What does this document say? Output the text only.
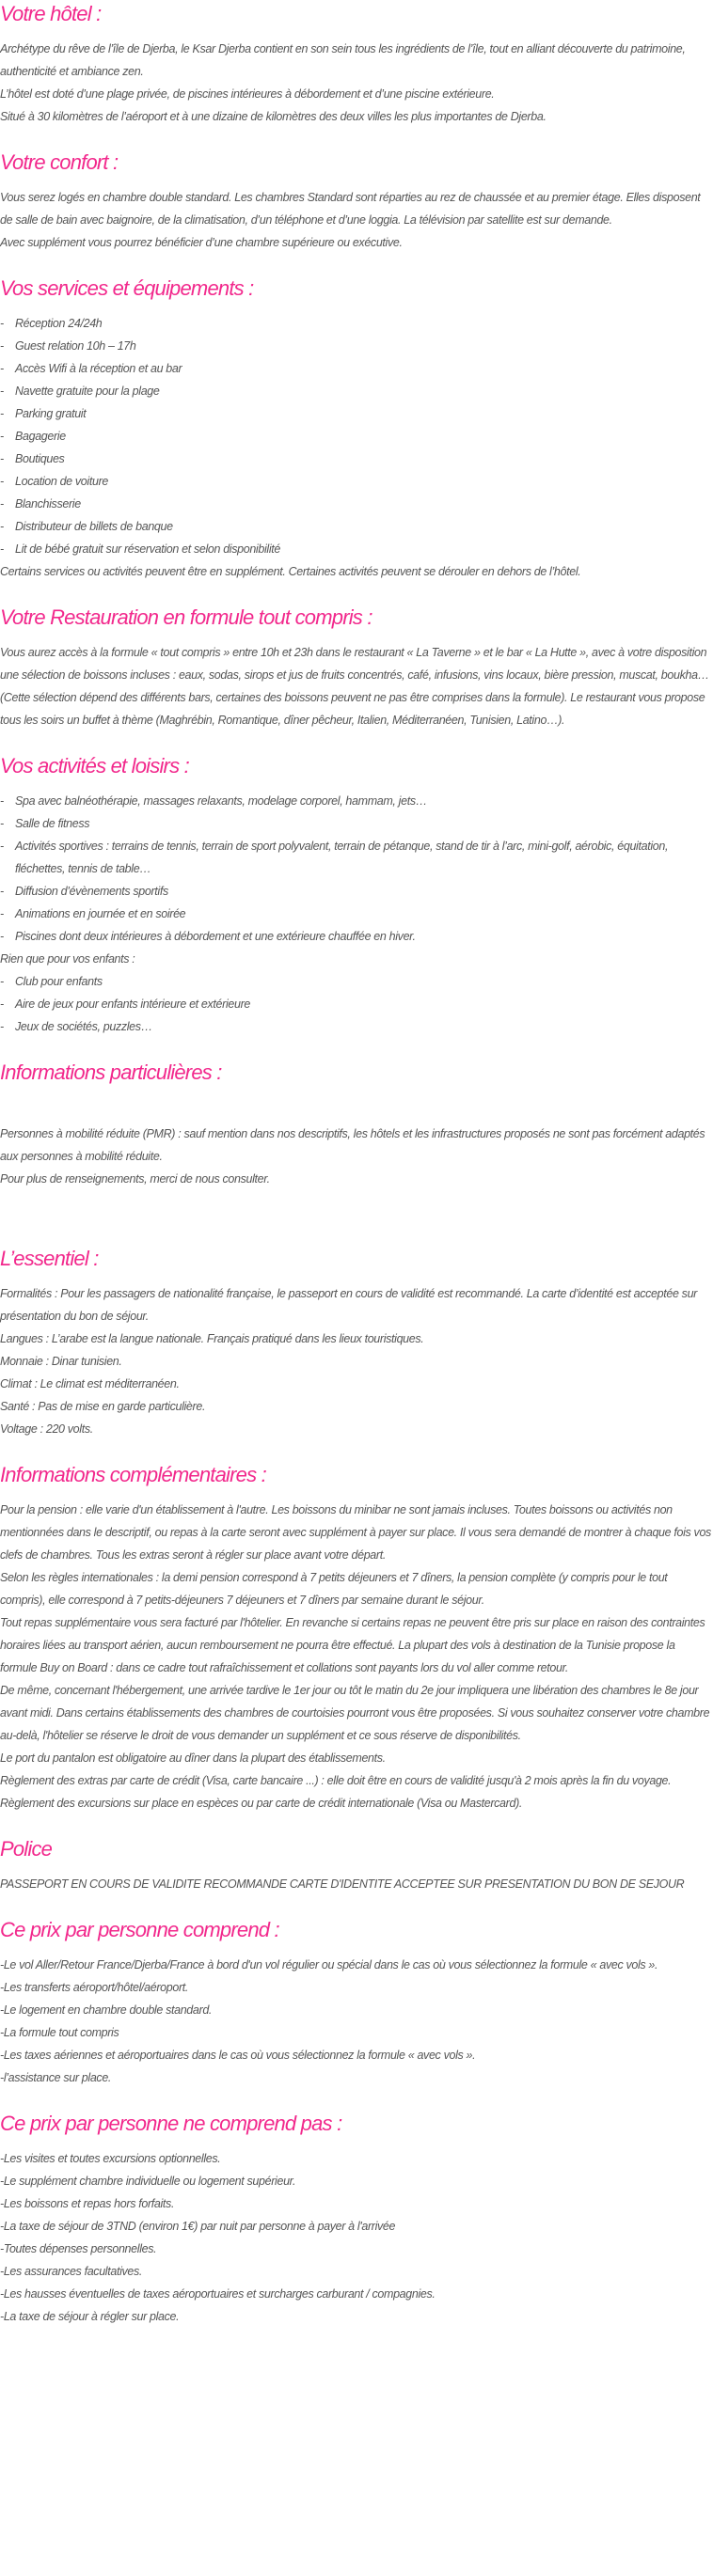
Votre hôtel :

Archétype du rêve de l’île de Djerba, le Ksar Djerba contient en son sein tous les ingrédients de l’île, tout en alliant découverte du patrimoine, authenticité et ambiance zen.

L’hôtel est doté d’une plage privée, de piscines intérieures à débordement et d’une piscine extérieure.

Situé à 30 kilomètres de l’aéroport et à une dizaine de kilomètres des deux villes les plus importantes de Djerba.

Votre confort :

Vous serez logés en chambre double standard. Les chambres Standard sont réparties au rez de chaussée et au premier étage. Elles disposent de salle de bain avec baignoire, de la climatisation, d’un téléphone et d’une loggia. La télévision par satellite est sur demande.

Avec supplément vous pourrez bénéficier d’une chambre supérieure ou exécutive.

Vos services et équipements :
- Réception 24/24h
- Guest relation 10h – 17h
- Accès Wifi à la réception et au bar
- Navette gratuite pour la plage
- Parking gratuit
- Bagagerie
- Boutiques
- Location de voiture
- Blanchisserie
- Distributeur de billets de banque
- Lit de bébé gratuit sur réservation et selon disponibilité

Certains services ou activités peuvent être en supplément. Certaines activités peuvent se dérouler en dehors de l’hôtel.

Votre Restauration en formule tout compris :

Vous aurez accès à la formule « tout compris » entre 10h et 23h dans le restaurant « La Taverne » et le bar « La Hutte », avec à votre disposition une sélection de boissons incluses : eaux, sodas, sirops et jus de fruits concentrés, café, infusions, vins locaux, bière pression, muscat, boukha…

(Cette sélection dépend des différents bars, certaines des boissons peuvent ne pas être comprises dans la formule). Le restaurant vous propose tous les soirs un buffet à thème (Maghrébin, Romantique, dîner pêcheur, Italien, Méditerranéen, Tunisien, Latino…).

Vos activités et loisirs :
- Spa avec balnéothérapie, massages relaxants, modelage corporel, hammam, jets…
- Salle de fitness
- Activités sportives : terrains de tennis, terrain de sport polyvalent, terrain de pétanque, stand de tir à l’arc, mini-golf, aérobic, équitation, fléchettes, tennis de table…
- Diffusion d’évènements sportifs
- Animations en journée et en soirée
- Piscines dont deux intérieures à débordement et une extérieure chauffée en hiver.

Rien que pour vos enfants :

- Club pour enfants
- Aire de jeux pour enfants intérieure et extérieure
- Jeux de sociétés, puzzles…
Informations particulières :

Personnes à mobilité réduite (PMR) : sauf mention dans nos descriptifs, les hôtels et les infrastructures proposés ne sont pas forcément adaptés aux personnes à mobilité réduite.

Pour plus de renseignements, merci de nous consulter.

L’essentiel :

Formalités : Pour les passagers de nationalité française, le passeport en cours de validité est recommandé. La carte d’identité est acceptée sur présentation du bon de séjour.

Langues : L’arabe est la langue nationale. Français pratiqué dans les lieux touristiques.

Monnaie : Dinar tunisien.

Climat : Le climat est méditerranéen.

Santé : Pas de mise en garde particulière.

Voltage : 220 volts.

Informations complémentaires :

Pour la pension : elle varie d'un établissement à l'autre. Les boissons du minibar ne sont jamais incluses. Toutes boissons ou activités non mentionnées dans le descriptif, ou repas à la carte seront avec supplément à payer sur place. Il vous sera demandé de montrer à chaque fois vos clefs de chambres. Tous les extras seront à régler sur place avant votre départ.

Selon les règles internationales : la demi pension correspond à 7 petits déjeuners et 7 dîners, la pension complète (y compris pour le tout compris), elle correspond à 7 petits-déjeuners 7 déjeuners et 7 dîners par semaine durant le séjour.

Tout repas supplémentaire vous sera facturé par l'hôtelier. En revanche si certains repas ne peuvent être pris sur place en raison des contraintes horaires liées au transport aérien, aucun remboursement ne pourra être effectué. La plupart des vols à destination de la Tunisie propose la formule Buy on Board : dans ce cadre tout rafraîchissement et collations sont payants lors du vol aller comme retour.

De même, concernant l'hébergement, une arrivée tardive le 1er jour ou tôt le matin du 2e jour impliquera une libération des chambres le 8e jour avant midi. Dans certains établissements des chambres de courtoisies pourront vous être proposées. Si vous souhaitez conserver votre chambre au-delà, l'hôtelier se réserve le droit de vous demander un supplément et ce sous réserve de disponibilités.

Le port du pantalon est obligatoire au dîner dans la plupart des établissements.

Règlement des extras par carte de crédit (Visa, carte bancaire ...) : elle doit être en cours de validité jusqu'à 2 mois après la fin du voyage.

Règlement des excursions sur place en espèces ou par carte de crédit internationale (Visa ou Mastercard).

Police

PASSEPORT EN COURS DE VALIDITE RECOMMANDE CARTE D'IDENTITE ACCEPTEE SUR PRESENTATION DU BON DE SEJOUR

Ce prix par personne comprend :
-Le vol Aller/Retour France/Djerba/France à bord d'un vol régulier ou spécial dans le cas où vous sélectionnez la formule « avec vols ».
-Les transferts aéroport/hôtel/aéroport.
-Le logement en chambre double standard.
-La formule tout compris
-Les taxes aériennes et aéroportuaires dans le cas où vous sélectionnez la formule « avec vols ».
-l’assistance sur place.
Ce prix par personne ne comprend pas :
-Les visites et toutes excursions optionnelles.
-Le supplément chambre individuelle ou logement supérieur.
-Les boissons et repas hors forfaits.
-La taxe de séjour de 3TND (environ 1€) par nuit par personne à payer à l'arrivée
-Toutes dépenses personnelles.
-Les assurances facultatives.
-Les hausses éventuelles de taxes aéroportuaires et surcharges carburant / compagnies.
-La taxe de séjour à régler sur place.
